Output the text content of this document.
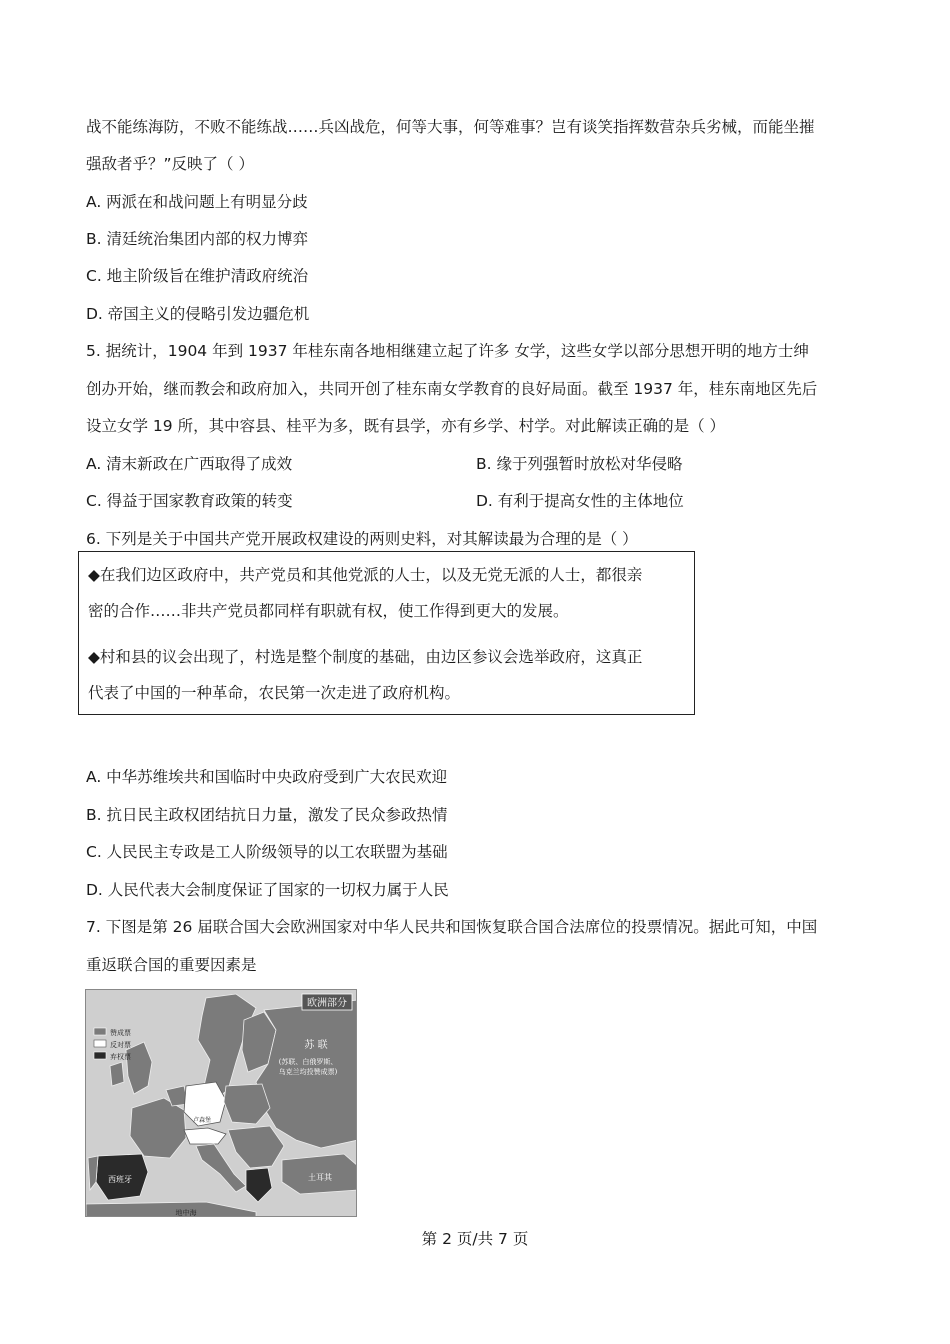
战不能练海防，不败不能练战……兵凶战危，何等大事，何等难事？岂有谈笑指挥数营杂兵劣械，而能坐摧
强敌者乎？”反映了（ ）
A. 两派在和战问题上有明显分歧
B. 清廷统治集团内部的权力博弈
C. 地主阶级旨在维护清政府统治
D. 帝国主义的侵略引发边疆危机
5. 据统计，1904 年到 1937 年桂东南各地相继建立起了许多 女学，这些女学以部分思想开明的地方士绅
创办开始，继而教会和政府加入，共同开创了桂东南女学教育的良好局面。截至 1937 年，桂东南地区先后
设立女学 19 所，其中容县、桂平为多，既有县学，亦有乡学、村学。对此解读正确的是（ ）
A. 清末新政在广西取得了成效	B. 缘于列强暂时放松对华侵略
C. 得益于国家教育政策的转变	D. 有利于提高女性的主体地位
6. 下列是关于中国共产党开展政权建设的两则史料，对其解读最为合理的是（ ）
◆在我们边区政府中，共产党员和其他党派的人士，以及无党无派的人士，都很亲
密的合作……非共产党员都同样有职就有权，使工作得到更大的发展。
◆村和县的议会出现了，村选是整个制度的基础，由边区参议会选举政府，这真正
代表了中国的一种革命，农民第一次走进了政府机构。
A. 中华苏维埃共和国临时中央政府受到广大农民欢迎
B. 抗日民主政权团结抗日力量，激发了民众参政热情
C. 人民民主专政是工人阶级领导的以工农联盟为基础
D. 人民代表大会制度保证了国家的一切权力属于人民
7. 下图是第 26 届联合国大会欧洲国家对中华人民共和国恢复联合国合法席位的投票情况。据此可知，中国
重返联合国的重要因素是
欧洲部分
赞成票
反对票
弃权票
苏 联
(苏联、白俄罗斯、
乌克兰均投赞成票)
卢森堡
西班牙	土耳其
地中海
第 2 页/共 7 页
